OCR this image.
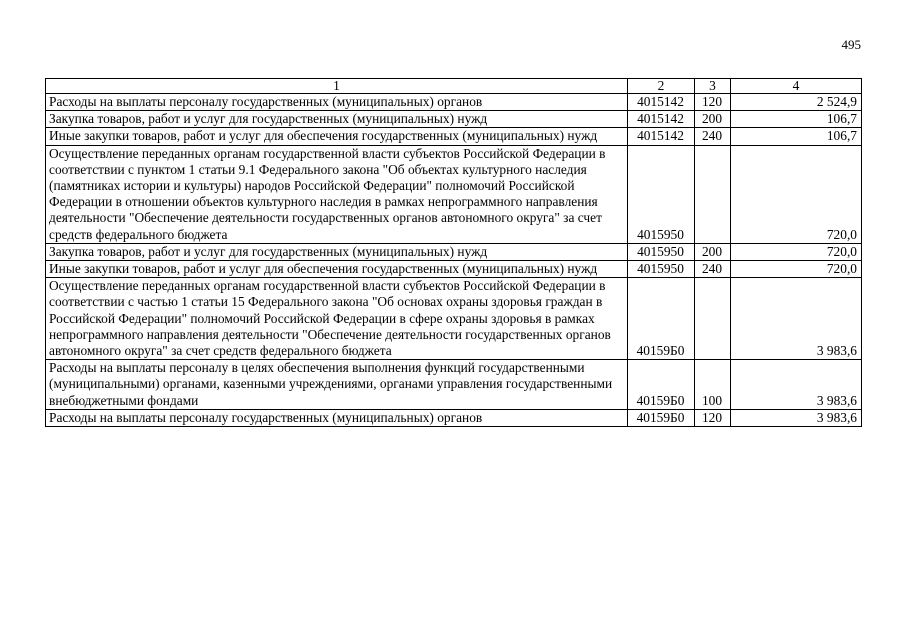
495
1	2	3	4
Расходы на выплаты персоналу государственных (муниципальных) органов	4015142	120	2 524,9
Закупка товаров, работ и услуг для государственных (муниципальных) нужд	4015142	200	106,7
Иные закупки товаров, работ и услуг для обеспечения государственных (муниципальных) нужд	4015142	240	106,7
Осуществление переданных органам государственной власти субъектов Российской Федерации в соответствии с пунктом 1 статьи 9.1 Федерального закона "Об объектах культурного наследия (памятниках истории и культуры) народов Российской Федерации" полномочий Российской Федерации в отношении объектов культурного наследия в рамках непрограммного направления деятельности "Обеспечение деятельности государственных органов автономного округа" за счет средств федерального бюджета	4015950		720,0
Закупка товаров, работ и услуг для государственных (муниципальных) нужд	4015950	200	720,0
Иные закупки товаров, работ и услуг для обеспечения государственных (муниципальных) нужд	4015950	240	720,0
Осуществление переданных органам государственной власти субъектов Российской Федерации в соответствии с частью 1 статьи 15 Федерального закона "Об основах охраны здоровья граждан в Российской Федерации" полномочий Российской Федерации в сфере охраны здоровья в рамках непрограммного направления деятельности "Обеспечение деятельности государственных органов автономного округа" за счет средств федерального бюджета	40159Б0		3 983,6
Расходы на выплаты персоналу в целях обеспечения выполнения функций государственными (муниципальными) органами, казенными учреждениями, органами управления государственными внебюджетными фондами	40159Б0	100	3 983,6
Расходы на выплаты персоналу государственных (муниципальных) органов	40159Б0	120	3 983,6
